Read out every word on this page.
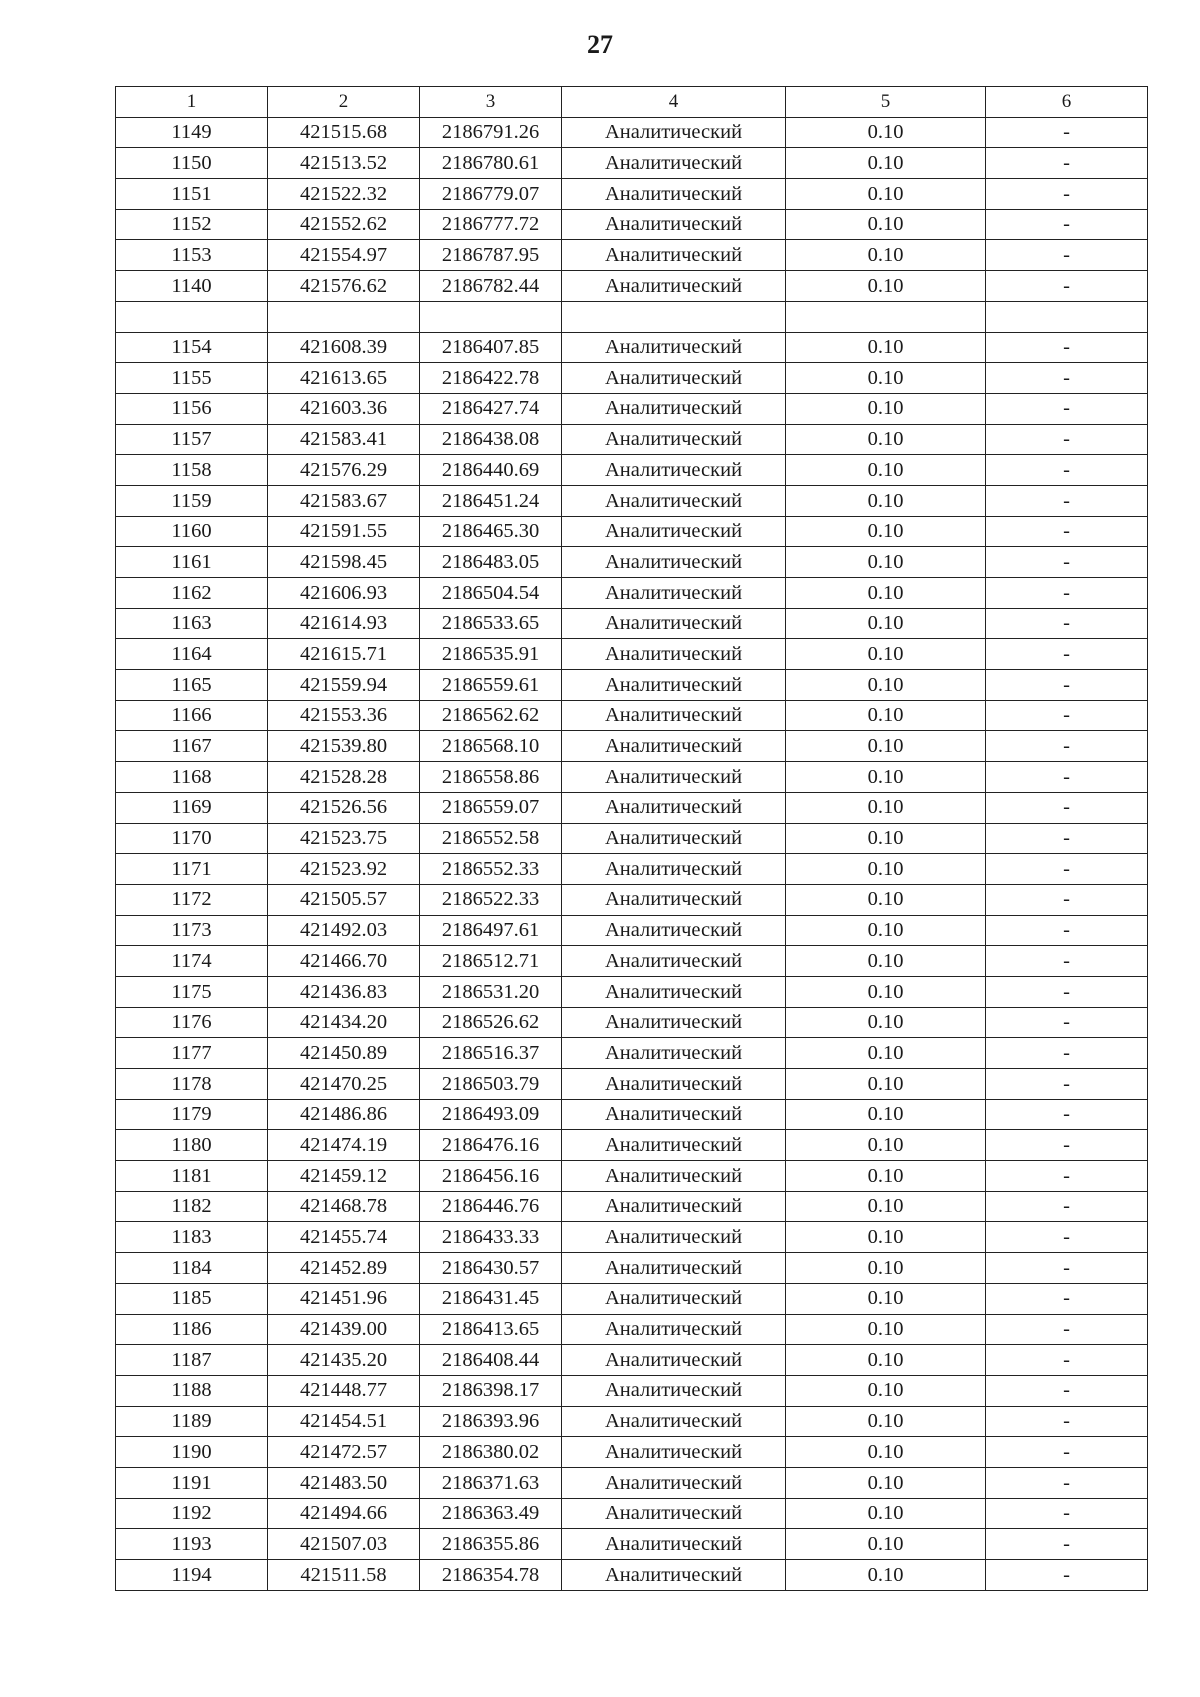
27
1	2	3	4	5	6
1149	421515.68	2186791.26	Аналитический	0.10	-
1150	421513.52	2186780.61	Аналитический	0.10	-
1151	421522.32	2186779.07	Аналитический	0.10	-
1152	421552.62	2186777.72	Аналитический	0.10	-
1153	421554.97	2186787.95	Аналитический	0.10	-
1140	421576.62	2186782.44	Аналитический	0.10	-

1154	421608.39	2186407.85	Аналитический	0.10	-
1155	421613.65	2186422.78	Аналитический	0.10	-
1156	421603.36	2186427.74	Аналитический	0.10	-
1157	421583.41	2186438.08	Аналитический	0.10	-
1158	421576.29	2186440.69	Аналитический	0.10	-
1159	421583.67	2186451.24	Аналитический	0.10	-
1160	421591.55	2186465.30	Аналитический	0.10	-
1161	421598.45	2186483.05	Аналитический	0.10	-
1162	421606.93	2186504.54	Аналитический	0.10	-
1163	421614.93	2186533.65	Аналитический	0.10	-
1164	421615.71	2186535.91	Аналитический	0.10	-
1165	421559.94	2186559.61	Аналитический	0.10	-
1166	421553.36	2186562.62	Аналитический	0.10	-
1167	421539.80	2186568.10	Аналитический	0.10	-
1168	421528.28	2186558.86	Аналитический	0.10	-
1169	421526.56	2186559.07	Аналитический	0.10	-
1170	421523.75	2186552.58	Аналитический	0.10	-
1171	421523.92	2186552.33	Аналитический	0.10	-
1172	421505.57	2186522.33	Аналитический	0.10	-
1173	421492.03	2186497.61	Аналитический	0.10	-
1174	421466.70	2186512.71	Аналитический	0.10	-
1175	421436.83	2186531.20	Аналитический	0.10	-
1176	421434.20	2186526.62	Аналитический	0.10	-
1177	421450.89	2186516.37	Аналитический	0.10	-
1178	421470.25	2186503.79	Аналитический	0.10	-
1179	421486.86	2186493.09	Аналитический	0.10	-
1180	421474.19	2186476.16	Аналитический	0.10	-
1181	421459.12	2186456.16	Аналитический	0.10	-
1182	421468.78	2186446.76	Аналитический	0.10	-
1183	421455.74	2186433.33	Аналитический	0.10	-
1184	421452.89	2186430.57	Аналитический	0.10	-
1185	421451.96	2186431.45	Аналитический	0.10	-
1186	421439.00	2186413.65	Аналитический	0.10	-
1187	421435.20	2186408.44	Аналитический	0.10	-
1188	421448.77	2186398.17	Аналитический	0.10	-
1189	421454.51	2186393.96	Аналитический	0.10	-
1190	421472.57	2186380.02	Аналитический	0.10	-
1191	421483.50	2186371.63	Аналитический	0.10	-
1192	421494.66	2186363.49	Аналитический	0.10	-
1193	421507.03	2186355.86	Аналитический	0.10	-
1194	421511.58	2186354.78	Аналитический	0.10	-
